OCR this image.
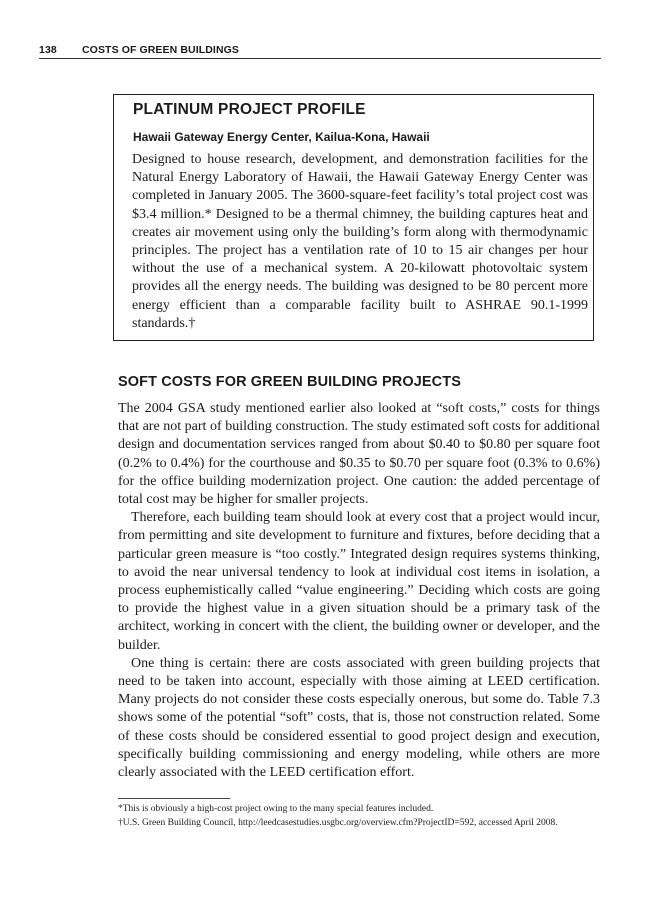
138 COSTS OF GREEN BUILDINGS
PLATINUM PROJECT PROFILE
Hawaii Gateway Energy Center, Kailua-Kona, Hawaii
Designed to house research, development, and demonstration facilities for the Natural Energy Laboratory of Hawaii, the Hawaii Gateway Energy Center was completed in January 2005. The 3600-square-feet facility’s total project cost was $3.4 million.* Designed to be a thermal chimney, the building captures heat and creates air movement using only the building’s form along with thermodynamic principles. The project has a ventilation rate of 10 to 15 air changes per hour without the use of a mechanical system. A 20-kilowatt photovoltaic system provides all the energy needs. The building was designed to be 80 percent more energy efficient than a comparable facility built to ASHRAE 90.1-1999 standards.†
SOFT COSTS FOR GREEN BUILDING PROJECTS

The 2004 GSA study mentioned earlier also looked at “soft costs,” costs for things that are not part of building construction. The study estimated soft costs for additional design and documentation services ranged from about $0.40 to $0.80 per square foot (0.2% to 0.4%) for the courthouse and $0.35 to $0.70 per square foot (0.3% to 0.6%) for the office building modernization project. One caution: the added percentage of total cost may be higher for smaller projects.

Therefore, each building team should look at every cost that a project would incur, from permitting and site development to furniture and fixtures, before deciding that a particular green measure is “too costly.” Integrated design requires systems thinking, to avoid the near universal tendency to look at individual cost items in isolation, a process euphemistically called “value engineering.” Deciding which costs are going to provide the highest value in a given situation should be a primary task of the architect, working in concert with the client, the building owner or developer, and the builder.

One thing is certain: there are costs associated with green building projects that need to be taken into account, especially with those aiming at LEED certification. Many projects do not consider these costs especially onerous, but some do. Table 7.3 shows some of the potential “soft” costs, that is, those not construction related. Some of these costs should be considered essential to good project design and execution, specifically building commissioning and energy modeling, while others are more clearly associated with the LEED certification effort.

*This is obviously a high-cost project owing to the many special features included.

†U.S. Green Building Council, http://leedcasestudies.usgbc.org/overview.cfm?ProjectID=592, accessed April 2008.
